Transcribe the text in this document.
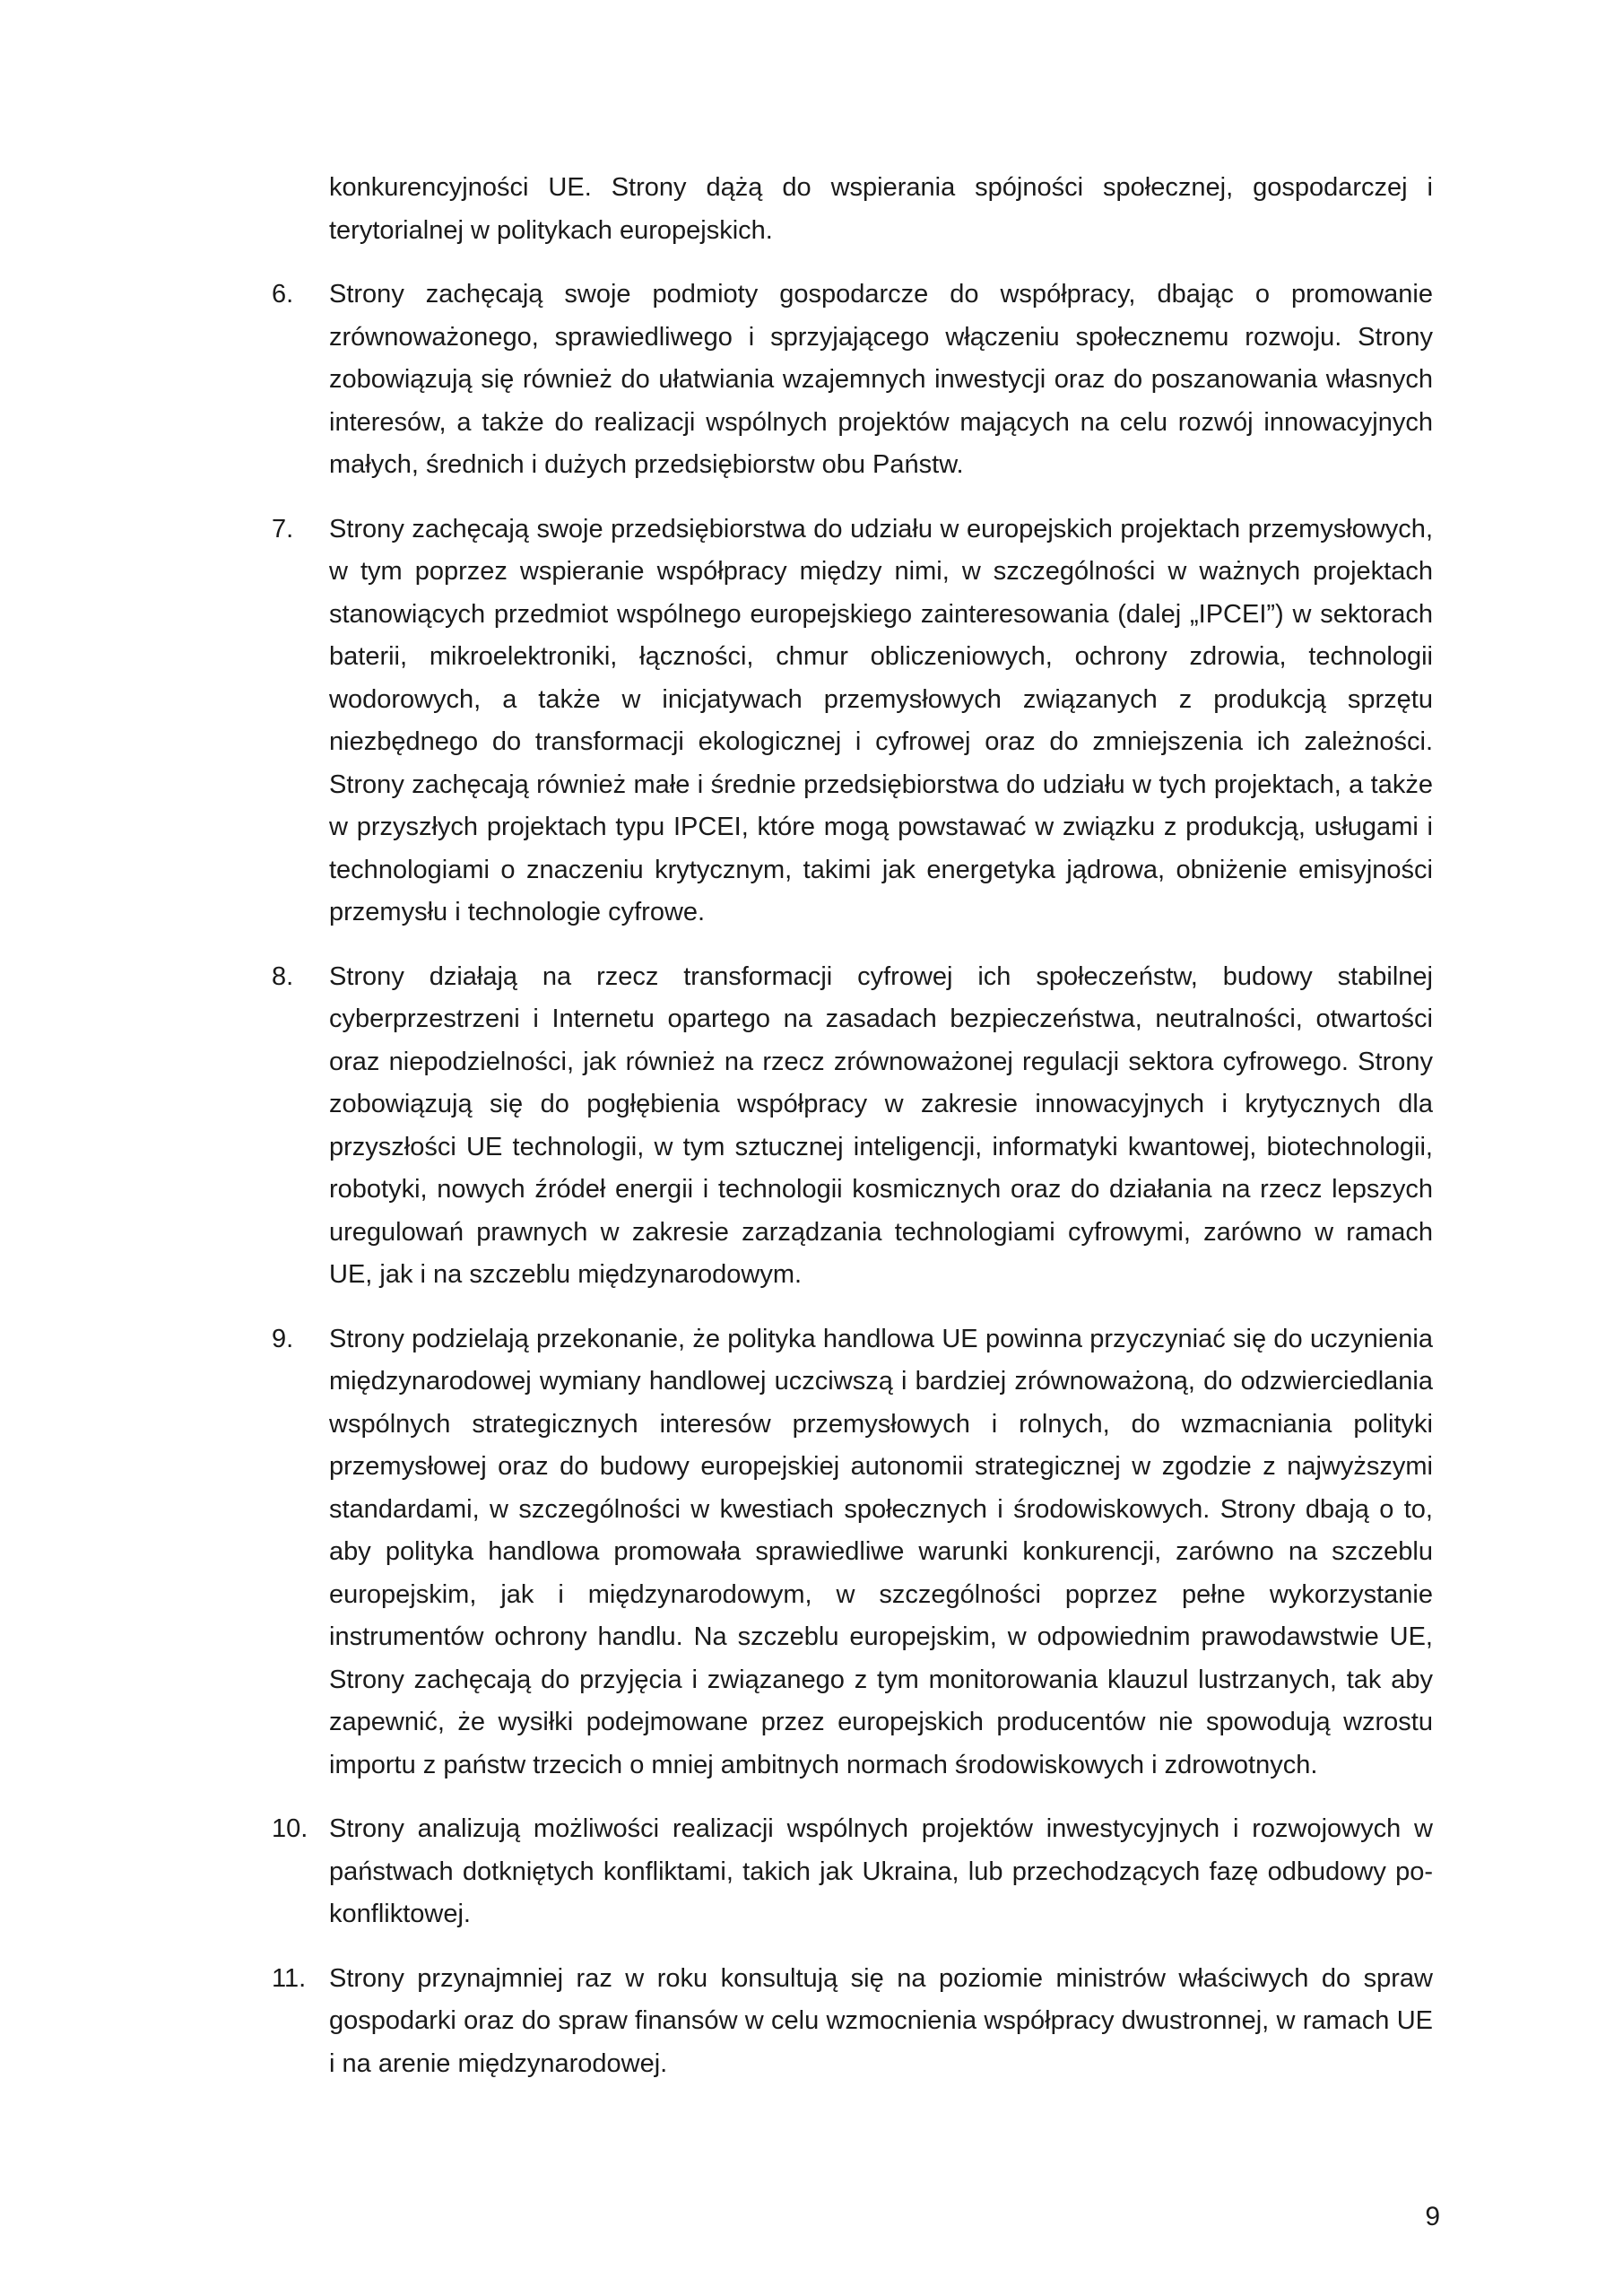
konkurencyjności UE. Strony dążą do wspierania spójności społecznej, gospodarczej i terytorialnej w politykach europejskich.

6.	Strony zachęcają swoje podmioty gospodarcze do współpracy, dbając o promowanie zrównoważonego, sprawiedliwego i sprzyjającego włączeniu społecznemu rozwoju. Strony zobowiązują się również do ułatwiania wzajemnych inwestycji oraz do poszanowania własnych interesów, a także do realizacji wspólnych projektów mających na celu rozwój innowacyjnych małych, średnich i dużych przedsiębiorstw obu Państw.

7.	Strony zachęcają swoje przedsiębiorstwa do udziału w europejskich projektach przemysłowych, w tym poprzez wspieranie współpracy między nimi, w szczególności w ważnych projektach stanowiących przedmiot wspólnego europejskiego zainteresowania (dalej „IPCEI”) w sektorach baterii, mikroelektroniki, łączności, chmur obliczeniowych, ochrony zdrowia, technologii wodorowych, a także w inicjatywach przemysłowych związanych z produkcją sprzętu niezbędnego do transformacji ekologicznej i cyfrowej oraz do zmniejszenia ich zależności. Strony zachęcają również małe i średnie przedsiębiorstwa do udziału w tych projektach, a także w przyszłych projektach typu IPCEI, które mogą powstawać w związku z produkcją, usługami i technologiami o znaczeniu krytycznym, takimi jak energetyka jądrowa, obniżenie emisyjności przemysłu i technologie cyfrowe.

8.	Strony działają na rzecz transformacji cyfrowej ich społeczeństw, budowy stabilnej cyberprzestrzeni i Internetu opartego na zasadach bezpieczeństwa, neutralności, otwartości oraz niepodzielności, jak również na rzecz zrównoważonej regulacji sektora cyfrowego. Strony zobowiązują się do pogłębienia współpracy w zakresie innowacyjnych i krytycznych dla przyszłości UE technologii, w tym sztucznej inteligencji, informatyki kwantowej, biotechnologii, robotyki, nowych źródeł energii i technologii kosmicznych oraz do działania na rzecz lepszych uregulowań prawnych w zakresie zarządzania technologiami cyfrowymi, zarówno w ramach UE, jak i na szczeblu międzynarodowym.

9.	Strony podzielają przekonanie, że polityka handlowa UE powinna przyczyniać się do uczynienia międzynarodowej wymiany handlowej uczciwszą i bardziej zrównoważoną, do odzwierciedlania wspólnych strategicznych interesów przemysłowych i rolnych, do wzmacniania polityki przemysłowej oraz do budowy europejskiej autonomii strategicznej w zgodzie z najwyższymi standardami, w szczególności w kwestiach społecznych i środowiskowych. Strony dbają o to, aby polityka handlowa promowała sprawiedliwe warunki konkurencji, zarówno na szczeblu europejskim, jak i międzynarodowym, w szczególności poprzez pełne wykorzystanie instrumentów ochrony handlu. Na szczeblu europejskim, w odpowiednim prawodawstwie UE, Strony zachęcają do przyjęcia i związanego z tym monitorowania klauzul lustrzanych, tak aby zapewnić, że wysiłki podejmowane przez europejskich producentów nie spowodują wzrostu importu z państw trzecich o mniej ambitnych normach środowiskowych i zdrowotnych.

10. Strony analizują możliwości realizacji wspólnych projektów inwestycyjnych i rozwojowych w państwach dotkniętych konfliktami, takich jak Ukraina, lub przechodzących fazę odbudowy po-konfliktowej.

11. Strony przynajmniej raz w roku konsultują się na poziomie ministrów właściwych do spraw gospodarki oraz do spraw finansów w celu wzmocnienia współpracy dwustronnej, w ramach UE i na arenie międzynarodowej.

9
